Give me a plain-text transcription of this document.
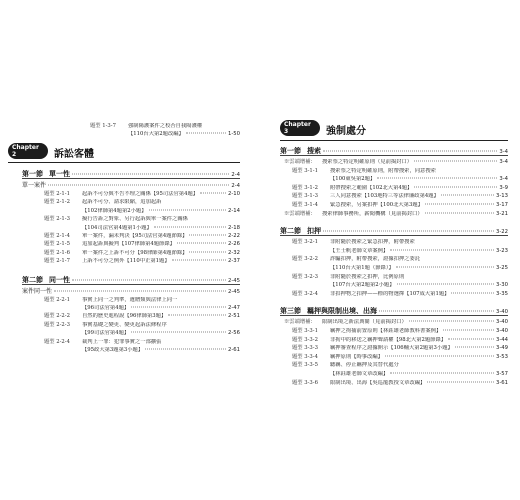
題型 1-3-7	強制陽護案件之校否自我陽護權
【110台大第2題改編】	1-50
Chapter 2	訴訟客體
第一節 單一性	2-4
單一案件	2-4
題型 2-1-1	起訴不可分與不告不理之關係【95司法官第4題】	2-10
題型 2-1-2	起訴不可分、請求限縮，追加起訴
【102律師第4題第2小題】	2-14
題型 2-1-3	擬行告訴之對象、另行起訴與單一案件之關係
【104司法官第4題第1小題】	2-18
題型 2-1-4	單一案件，漏未判決【95司法官第4題節錄】	2-22
題型 2-1-5	追加起訴與擬判【107律師第4題節錄】	2-26
題型 2-1-6	單一案件之上訴不可分【98律師第4題節錄】	2-32
題型 2-1-7	上訴不可分之例外【110中正第1題】	2-37
第二節 同一性	2-45
案件同一性	2-45
題型 2-2-1	事實上同一之判準，遺贈類與法律上同一
【96司法官第4題】	2-47
題型 2-2-2	自然的歷史進程說【96律師第3題】	2-51
題型 2-2-3	事實基礎之變更、變更起訴法條程序
【99司法官第4題】	2-56
題型 2-2-4	裁判上一罪：犯罪事實之一部擴張
【95政大第3題第3小題】	2-61
Chapter 3	強制處分
第一節 搜索	3-4
※雲端增補：	搜索票之特定明確原則（見前揭封口）	3-4
題型 3-1-1	搜索票之特定明確原則，附帶搜索，同意搜索
【100東吳第2題】	3-4
題型 3-1-2	附帶搜索之範圍【102北大第4題】	3-9
題型 3-1-3	三人同意搜索【103地特三等法律廉政第4題】	3-13
題型 3-1-4	緊急搜索，另案扣押【100北大第3題】	3-17
※雲端增補：	搜索律師事務所，薪聞機構（見前揭封口）	3-21
第二節 扣押	3-22
題型 3-2-1	非附隨於搜索之緊急扣押，附帶搜索
【王士帆老師文章案例】	3-23
題型 3-2-2	詐騙扣押，附帶搜索，證據扣押之委託
【110台大第1題（節錄）】	3-25
題型 3-2-3	非附隨於搜索之扣押，比例原則
【107台大第2題第2小題】	3-30
題型 3-2-4	非扣押物之扣押——標的物選擇【107成大第1題】	3-35
第三節 羈押與限制出境、出海	3-40
※雲端增補：	限制出境之新法典簡（見前揭封口）	3-40
題型 3-3-1	羈押之拘捕前置原則【林鈺雄老師教科書案例】	3-40
題型 3-3-2	非拘中的移送之羈押聲請權【98北大第2題節錄】	3-44
題型 3-3-3	羈押審查程序之證據開示【106輔大第2題第3小題】	3-49
題型 3-3-4	羈押原則【時事改編】	3-53
題型 3-3-5	聽羈、停止羈押及其替代處分
【林鈺雄老師文章改編】	3-57
題型 3-3-6	限制出境、出海【吳巡龍教授文章改編】	3-61
